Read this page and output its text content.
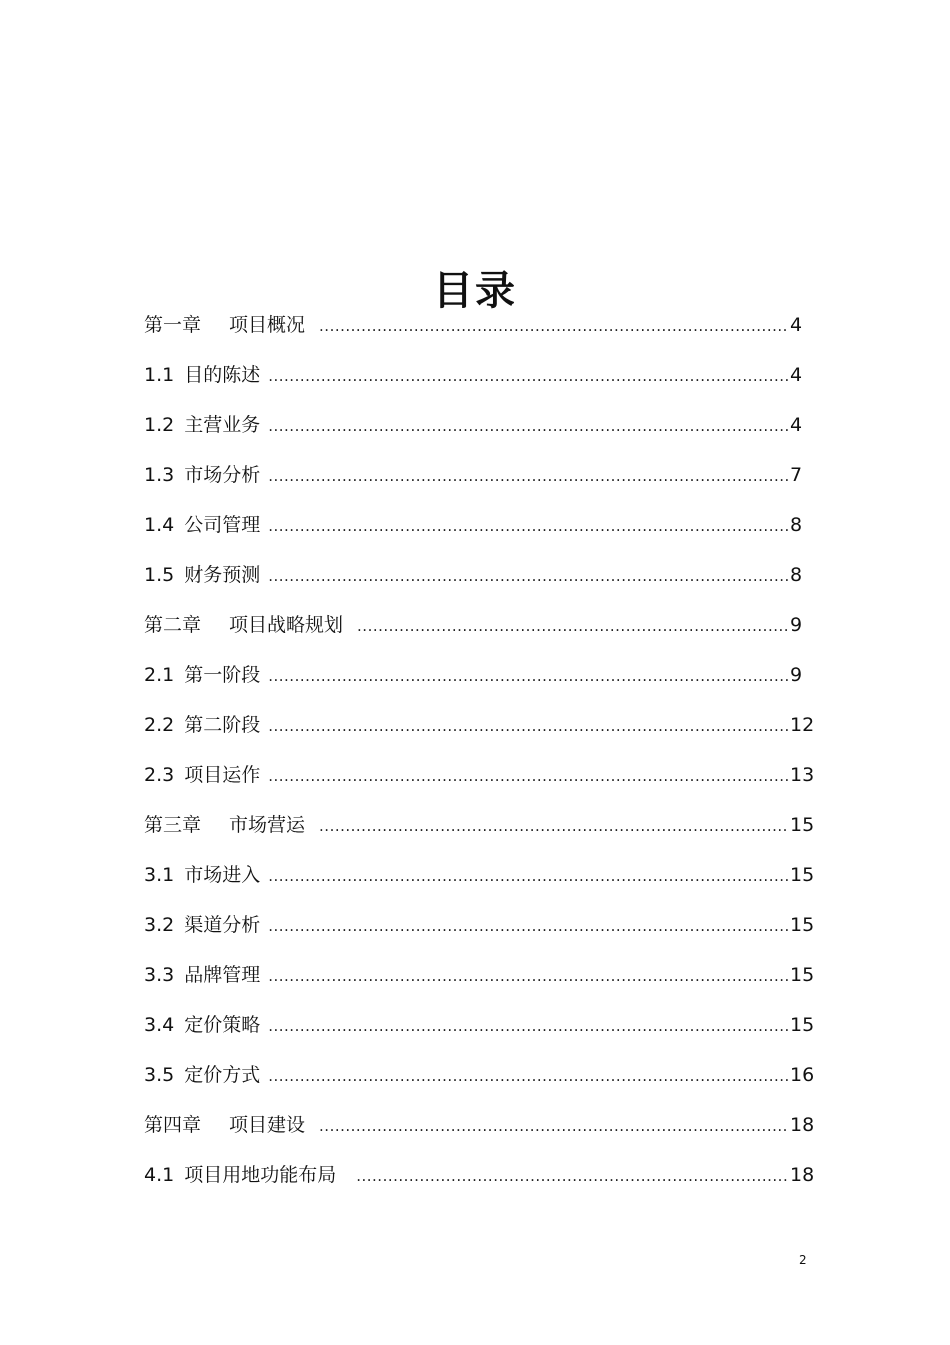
目录
第一章 项目概况 .....	4
1.1 目的陈述 .....	4
1.2 主营业务 .....	4
1.3 市场分析 .....	7
1.4 公司管理 .....	8
1.5 财务预测 .....	8
第二章 项目战略规划 .....	9
2.1 第一阶段 .....	9
2.2 第二阶段 .....	12
2.3 项目运作 .....	13
第三章 市场营运 .....	15
3.1 市场进入 .....	15
3.2 渠道分析 .....	15
3.3 品牌管理 .....	15
3.4 定价策略 .....	15
3.5 定价方式 .....	16
第四章 项目建设 .....	18
4.1 项目用地功能布局 .....	18
2
